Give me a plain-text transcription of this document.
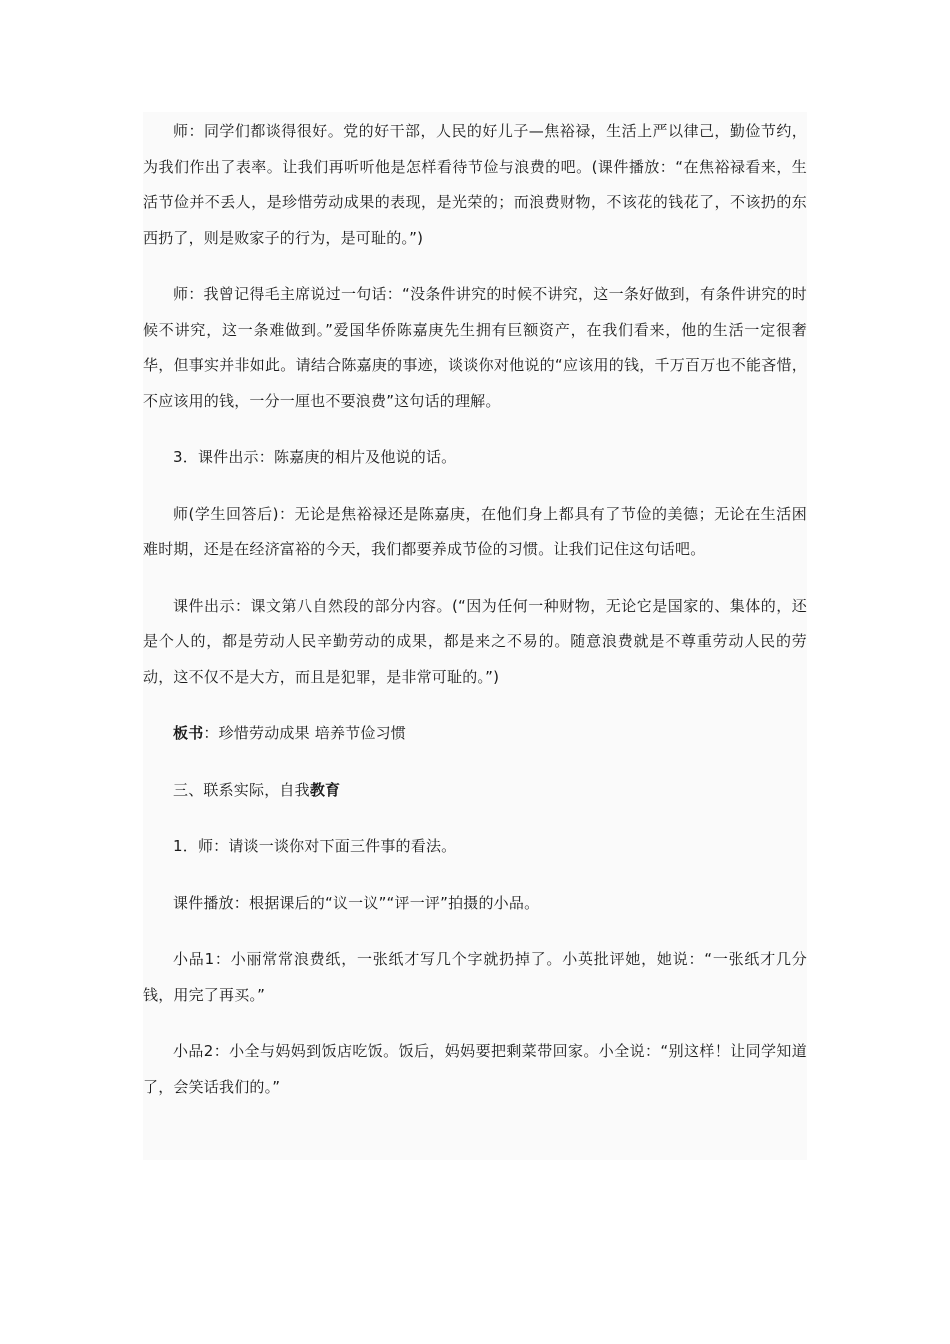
师：同学们都谈得很好。党的好干部，人民的好儿子—焦裕禄，生活上严以律己，勤俭节约，为我们作出了表率。让我们再听听他是怎样看待节俭与浪费的吧。(课件播放：“在焦裕禄看来，生活节俭并不丢人，是珍惜劳动成果的表现，是光荣的；而浪费财物，不该花的钱花了，不该扔的东西扔了，则是败家子的行为，是可耻的。”)

师：我曾记得毛主席说过一句话：“没条件讲究的时候不讲究，这一条好做到，有条件讲究的时候不讲究，这一条难做到。”爱国华侨陈嘉庚先生拥有巨额资产，在我们看来，他的生活一定很奢华，但事实并非如此。请结合陈嘉庚的事迹，谈谈你对他说的“应该用的钱，千万百万也不能吝惜，不应该用的钱，一分一厘也不要浪费”这句话的理解。

3．课件出示：陈嘉庚的相片及他说的话。

师(学生回答后)：无论是焦裕禄还是陈嘉庚，在他们身上都具有了节俭的美德；无论在生活困难时期，还是在经济富裕的今天，我们都要养成节俭的习惯。让我们记住这句话吧。

课件出示：课文第八自然段的部分内容。(“因为任何一种财物，无论它是国家的、集体的，还是个人的，都是劳动人民辛勤劳动的成果，都是来之不易的。随意浪费就是不尊重劳动人民的劳动，这不仅不是大方，而且是犯罪，是非常可耻的。”)

板书：珍惜劳动成果 培养节俭习惯

三、联系实际，自我教育

1．师：请谈一谈你对下面三件事的看法。

课件播放：根据课后的“议一议”“评一评”拍摄的小品。

小品1：小丽常常浪费纸，一张纸才写几个字就扔掉了。小英批评她，她说：“一张纸才几分钱，用完了再买。”

小品2：小全与妈妈到饭店吃饭。饭后，妈妈要把剩菜带回家。小全说：“别这样！让同学知道了，会笑话我们的。”
